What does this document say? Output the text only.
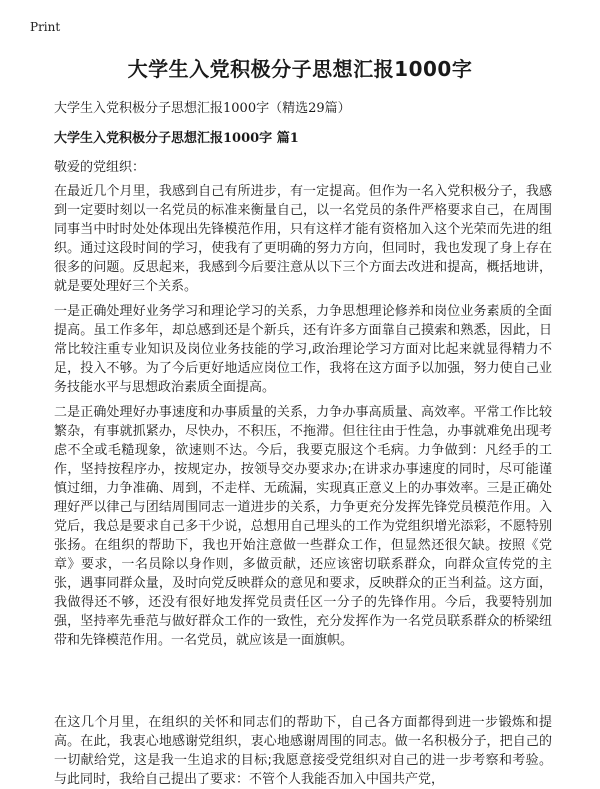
Print
大学生入党积极分子思想汇报1000字
大学生入党积极分子思想汇报1000字（精选29篇）
大学生入党积极分子思想汇报1000字 篇1
敬爱的党组织：

在最近几个月里，我感到自己有所进步，有一定提高。但作为一名入党积极分子，我感到一定要时刻以一名党员的标准来衡量自己，以一名党员的条件严格要求自己，在周围同事当中时时处处体现出先锋模范作用，只有这样才能有资格加入这个光荣而先进的组织。通过这段时间的学习，使我有了更明确的努力方向，但同时，我也发现了身上存在很多的问题。反思起来，我感到今后要注意从以下三个方面去改进和提高，概括地讲，就是要处理好三个关系。

一是正确处理好业务学习和理论学习的关系，力争思想理论修养和岗位业务素质的全面提高。虽工作多年，却总感到还是个新兵，还有许多方面靠自己摸索和熟悉，因此，日常比较注重专业知识及岗位业务技能的学习,政治理论学习方面对比起来就显得精力不足，投入不够。为了今后更好地适应岗位工作，我将在这方面予以加强，努力使自己业务技能水平与思想政治素质全面提高。

二是正确处理好办事速度和办事质量的关系，力争办事高质量、高效率。平常工作比较繁杂，有事就抓紧办，尽快办，不积压，不拖滞。但往往由于性急，办事就难免出现考虑不全或毛糙现象，欲速则不达。今后，我要克服这个毛病。力争做到：凡经手的工作，坚持按程序办，按规定办，按领导交办要求办;在讲求办事速度的同时，尽可能谨慎过细，力争准确、周到，不走样、无疏漏，实现真正意义上的办事效率。三是正确处理好严以律己与团结周围同志一道进步的关系，力争更充分发挥先锋党员模范作用。入党后，我总是要求自己多干少说，总想用自己埋头的工作为党组织增光添彩，不愿特别张扬。在组织的帮助下，我也开始注意做一些群众工作，但显然还很欠缺。按照《党章》要求，一名员除以身作则，多做贡献，还应该密切联系群众，向群众宣传党的主张，遇事同群众量，及时向党反映群众的意见和要求，反映群众的正当利益。这方面，我做得还不够，还没有很好地发挥党员责任区一分子的先锋作用。今后，我要特别加强，坚持率先垂范与做好群众工作的一致性，充分发挥作为一名党员联系群众的桥梁纽带和先锋模范作用。一名党员，就应该是一面旗帜。

在这几个月里，在组织的关怀和同志们的帮助下，自己各方面都得到进一步锻炼和提高。在此，我衷心地感谢党组织，衷心地感谢周围的同志。做一名积极分子，把自己的一切献给党，这是我一生追求的目标;我愿意接受党组织对自己的进一步考察和考验。与此同时，我给自己提出了要求：不管个人我能否加入中国共产党，
